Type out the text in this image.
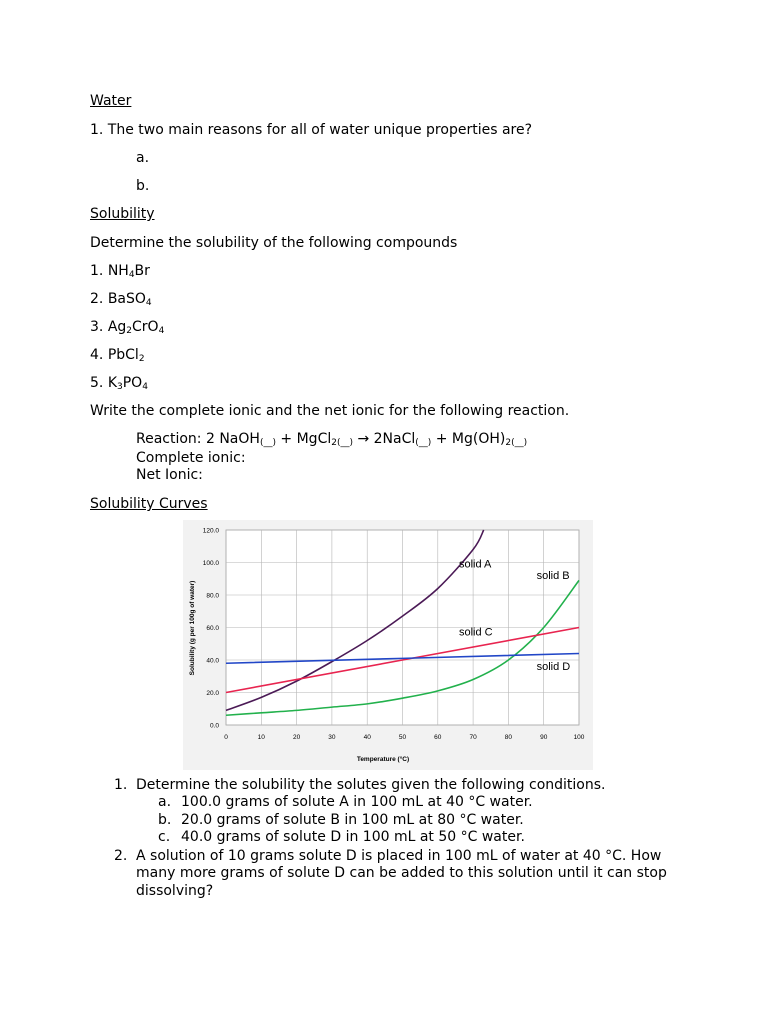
Water
1. The two main reasons for all of water unique properties are?
a.
b.
Solubility
Determine the solubility of the following compounds
1. $NH_4Br$
2. BaSO$_4$
3. $Ag_2CrO_4$
4. PbCl$_2$
5. $K_3PO_4$
Write the complete ionic and the net ionic for the following reaction.
Reaction: 2 NaOH$_{(\_\_)}$ + MgCl$_{2(\_\_)}$ → 2NaCl$_{(\_\_)}$ + $Mg(OH)_{2(\_\_)}$
Complete ionic:
Net Ionic:
Solubility Curves
0	10	20	30	40	50	60	70	80	90	100
0.0
20.0
40.0
60.0
80.0
100.0
120.0
solid A
solid B
solid C
solid D
Solubility (g per 100g of water)
Temperature (°C)
1. Determine the solubility the solutes given the following conditions.
a. 100.0 grams of solute A in 100 mL at 40 °C water.
b. 20.0 grams of solute B in 100 mL at 80 °C water.
c. 40.0 grams of solute D in 100 mL at 50 °C water.
2. A solution of 10 grams solute D is placed in 100 mL of water at 40 °C. How
many more grams of solute D can be added to this solution until it can stop
dissolving?
